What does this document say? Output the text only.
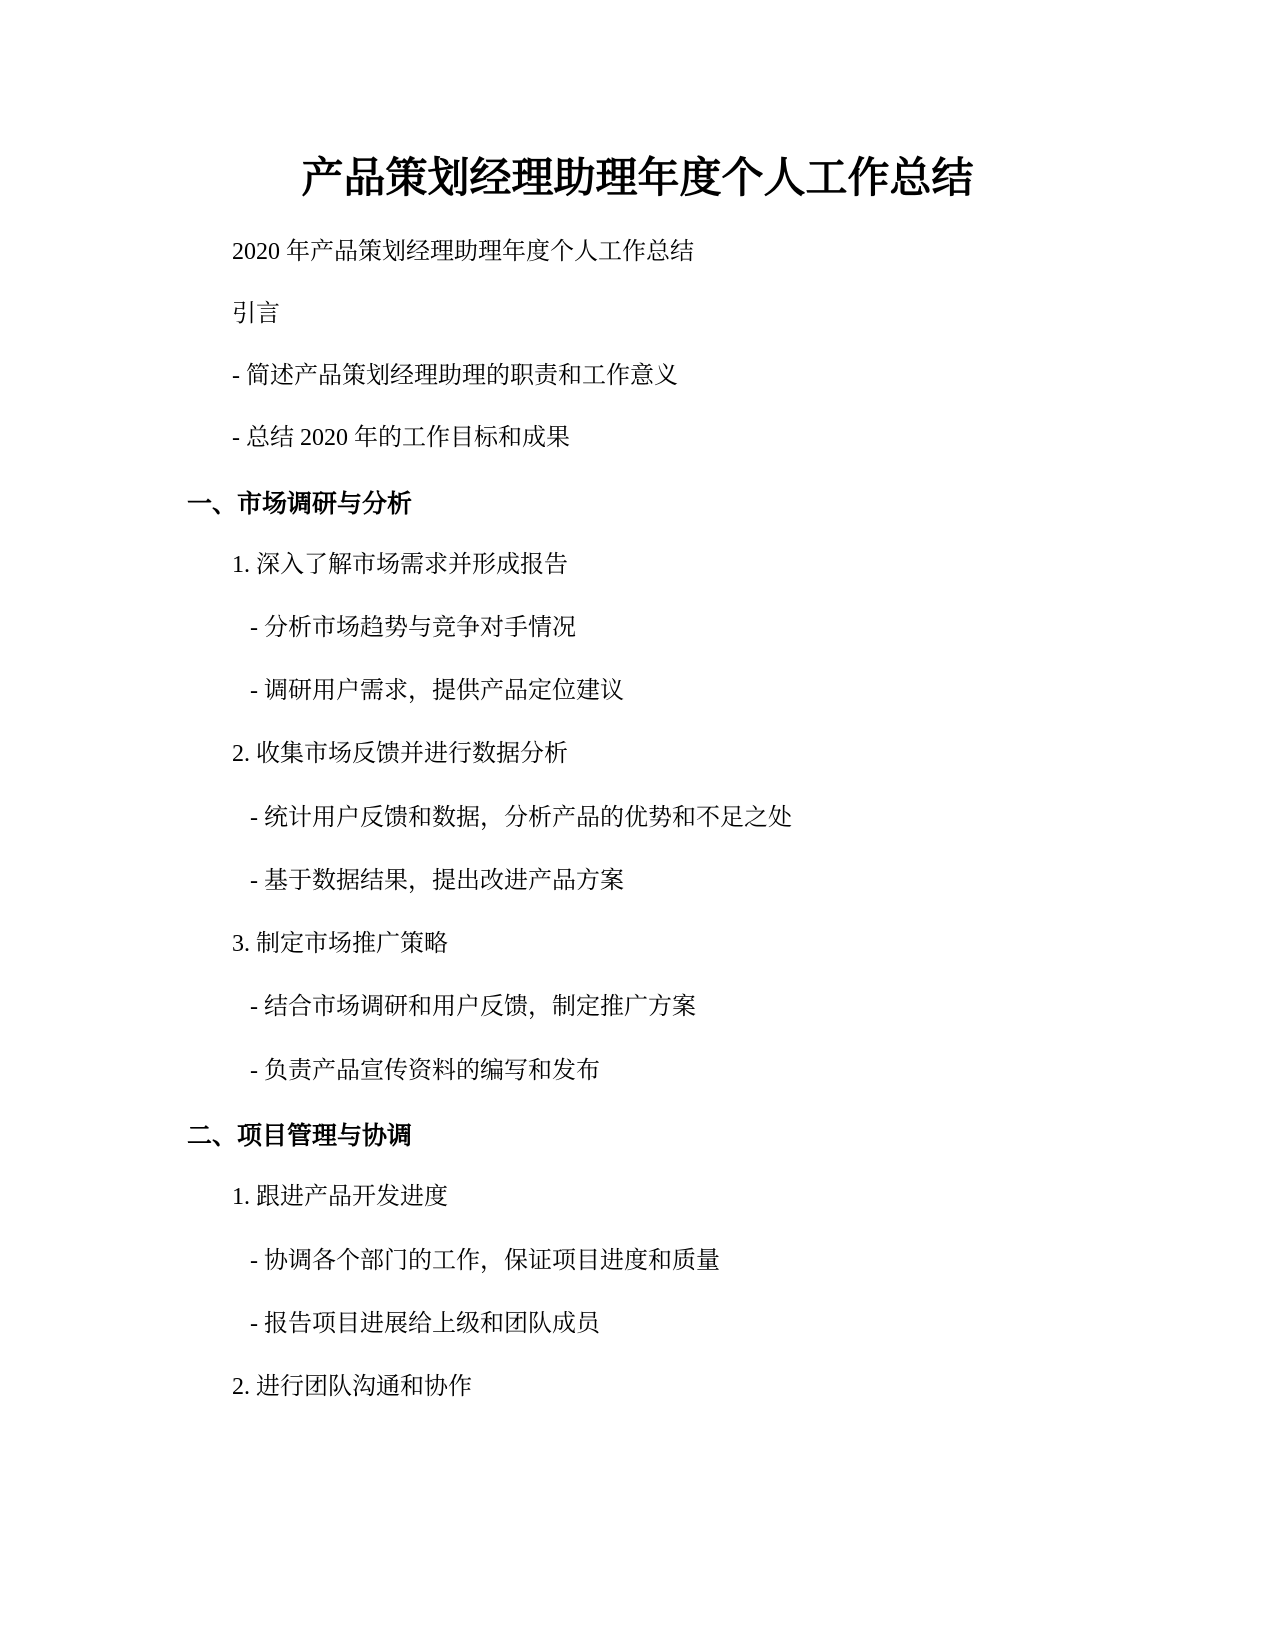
产品策划经理助理年度个人工作总结

2020 年产品策划经理助理年度个人工作总结

引言

- 简述产品策划经理助理的职责和工作意义

- 总结 2020 年的工作目标和成果

一、市场调研与分析

1. 深入了解市场需求并形成报告

- 分析市场趋势与竞争对手情况

- 调研用户需求，提供产品定位建议

2. 收集市场反馈并进行数据分析

- 统计用户反馈和数据，分析产品的优势和不足之处

- 基于数据结果，提出改进产品方案

3. 制定市场推广策略

- 结合市场调研和用户反馈，制定推广方案

- 负责产品宣传资料的编写和发布

二、项目管理与协调

1. 跟进产品开发进度

- 协调各个部门的工作，保证项目进度和质量

- 报告项目进展给上级和团队成员

2. 进行团队沟通和协作
